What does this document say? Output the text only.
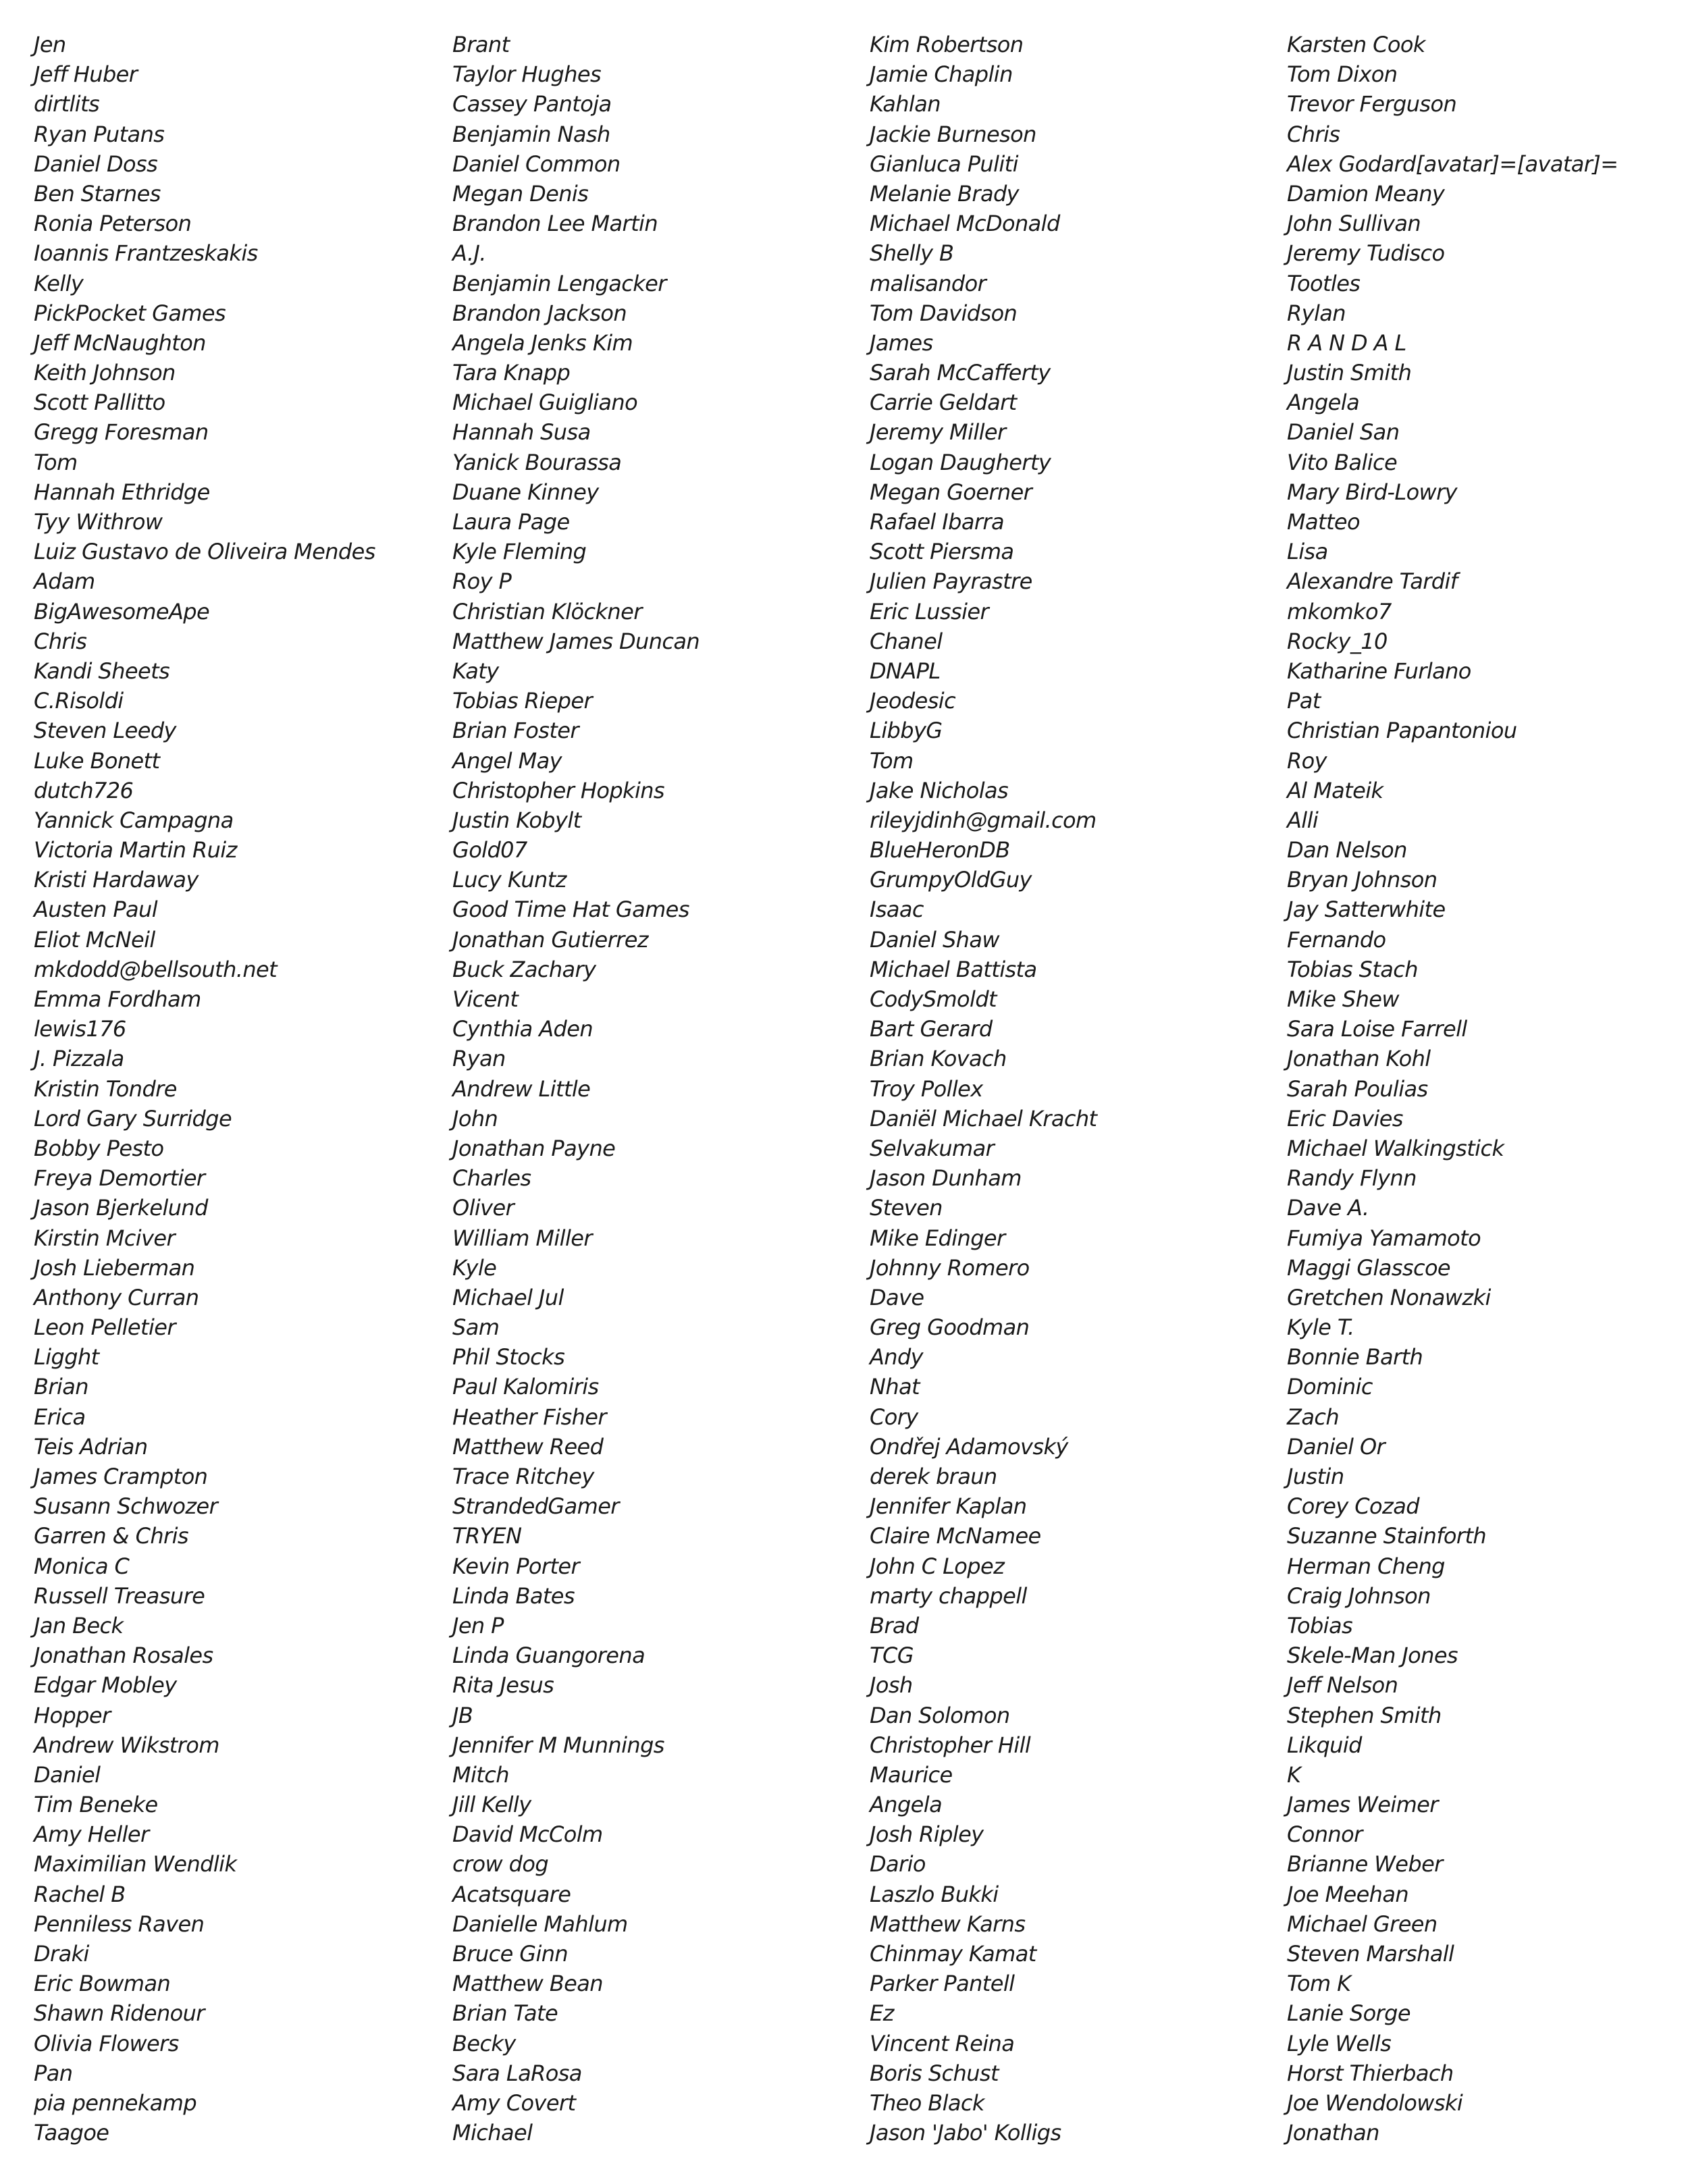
Jen
Jeff Huber
dirtlits
Ryan Putans
Daniel Doss
Ben Starnes
Ronia Peterson
Ioannis Frantzeskakis
Kelly
PickPocket Games
Jeff McNaughton
Keith Johnson
Scott Pallitto
Gregg Foresman
Tom
Hannah Ethridge
Tyy Withrow
Luiz Gustavo de Oliveira Mendes
Adam
BigAwesomeApe
Chris
Kandi Sheets
C.Risoldi
Steven Leedy
Luke Bonett
dutch726
Yannick Campagna
Victoria Martin Ruiz
Kristi Hardaway
Austen Paul
Eliot McNeil
mkdodd@bellsouth.net
Emma Fordham
lewis176
J. Pizzala
Kristin Tondre
Lord Gary Surridge
Bobby Pesto
Freya Demortier
Jason Bjerkelund
Kirstin Mciver
Josh Lieberman
Anthony Curran
Leon Pelletier
Ligght
Brian
Erica
Teis Adrian
James Crampton
Susann Schwozer
Garren & Chris
Monica C
Russell Treasure
Jan Beck
Jonathan Rosales
Edgar Mobley
Hopper
Andrew Wikstrom
Daniel
Tim Beneke
Amy Heller
Maximilian Wendlik
Rachel B
Penniless Raven
Draki
Eric Bowman
Shawn Ridenour
Olivia Flowers
Pan
pia pennekamp
Taagoe
Brant
Taylor Hughes
Cassey Pantoja
Benjamin Nash
Daniel Common
Megan Denis
Brandon Lee Martin
A.J.
Benjamin Lengacker
Brandon Jackson
Angela Jenks Kim
Tara Knapp
Michael Guigliano
Hannah Susa
Yanick Bourassa
Duane Kinney
Laura Page
Kyle Fleming
Roy P
Christian Klöckner
Matthew James Duncan
Katy
Tobias Rieper
Brian Foster
Angel May
Christopher Hopkins
Justin Kobylt
Gold07
Lucy Kuntz
Good Time Hat Games
Jonathan Gutierrez
Buck Zachary
Vicent
Cynthia Aden
Ryan
Andrew Little
John
Jonathan Payne
Charles
Oliver
William Miller
Kyle
Michael Jul
Sam
Phil Stocks
Paul Kalomiris
Heather Fisher
Matthew Reed
Trace Ritchey
StrandedGamer
TRYEN
Kevin Porter
Linda Bates
Jen P
Linda Guangorena
Rita Jesus
JB
Jennifer M Munnings
Mitch
Jill Kelly
David McColm
crow dog
Acatsquare
Danielle Mahlum
Bruce Ginn
Matthew Bean
Brian Tate
Becky
Sara LaRosa
Amy Covert
Michael
Kim Robertson
Jamie Chaplin
Kahlan
Jackie Burneson
Gianluca Puliti
Melanie Brady
Michael McDonald
Shelly B
malisandor
Tom Davidson
James
Sarah McCafferty
Carrie Geldart
Jeremy Miller
Logan Daugherty
Megan Goerner
Rafael Ibarra
Scott Piersma
Julien Payrastre
Eric Lussier
Chanel
DNAPL
Jeodesic
LibbyG
Tom
Jake Nicholas
rileyjdinh@gmail.com
BlueHeronDB
GrumpyOldGuy
Isaac
Daniel Shaw
Michael Battista
CodySmoldt
Bart Gerard
Brian Kovach
Troy Pollex
Daniël Michael Kracht
Selvakumar
Jason Dunham
Steven
Mike Edinger
Johnny Romero
Dave
Greg Goodman
Andy
Nhat
Cory
Ondřej Adamovský
derek braun
Jennifer Kaplan
Claire McNamee
John C Lopez
marty chappell
Brad
TCG
Josh
Dan Solomon
Christopher Hill
Maurice
Angela
Josh Ripley
Dario
Laszlo Bukki
Matthew Karns
Chinmay Kamat
Parker Pantell
Ez
Vincent Reina
Boris Schust
Theo Black
Jason 'Jabo' Kolligs
Karsten Cook
Tom Dixon
Trevor Ferguson
Chris
Alex Godard[avatar]=[avatar]=
Damion Meany
John Sullivan
Jeremy Tudisco
Tootles
Rylan
R A N D A L
Justin Smith
Angela
Daniel San
Vito Balice
Mary Bird-Lowry
Matteo
Lisa
Alexandre Tardif
mkomko7
Rocky_10
Katharine Furlano
Pat
Christian Papantoniou
Roy
Al Mateik
Alli
Dan Nelson
Bryan Johnson
Jay Satterwhite
Fernando
Tobias Stach
Mike Shew
Sara Loise Farrell
Jonathan Kohl
Sarah Poulias
Eric Davies
Michael Walkingstick
Randy Flynn
Dave A.
Fumiya Yamamoto
Maggi Glasscoe
Gretchen Nonawzki
Kyle T.
Bonnie Barth
Dominic
Zach
Daniel Or
Justin
Corey Cozad
Suzanne Stainforth
Herman Cheng
Craig Johnson
Tobias
Skele-Man Jones
Jeff Nelson
Stephen Smith
Likquid
K
James Weimer
Connor
Brianne Weber
Joe Meehan
Michael Green
Steven Marshall
Tom K
Lanie Sorge
Lyle Wells
Horst Thierbach
Joe Wendolowski
Jonathan
